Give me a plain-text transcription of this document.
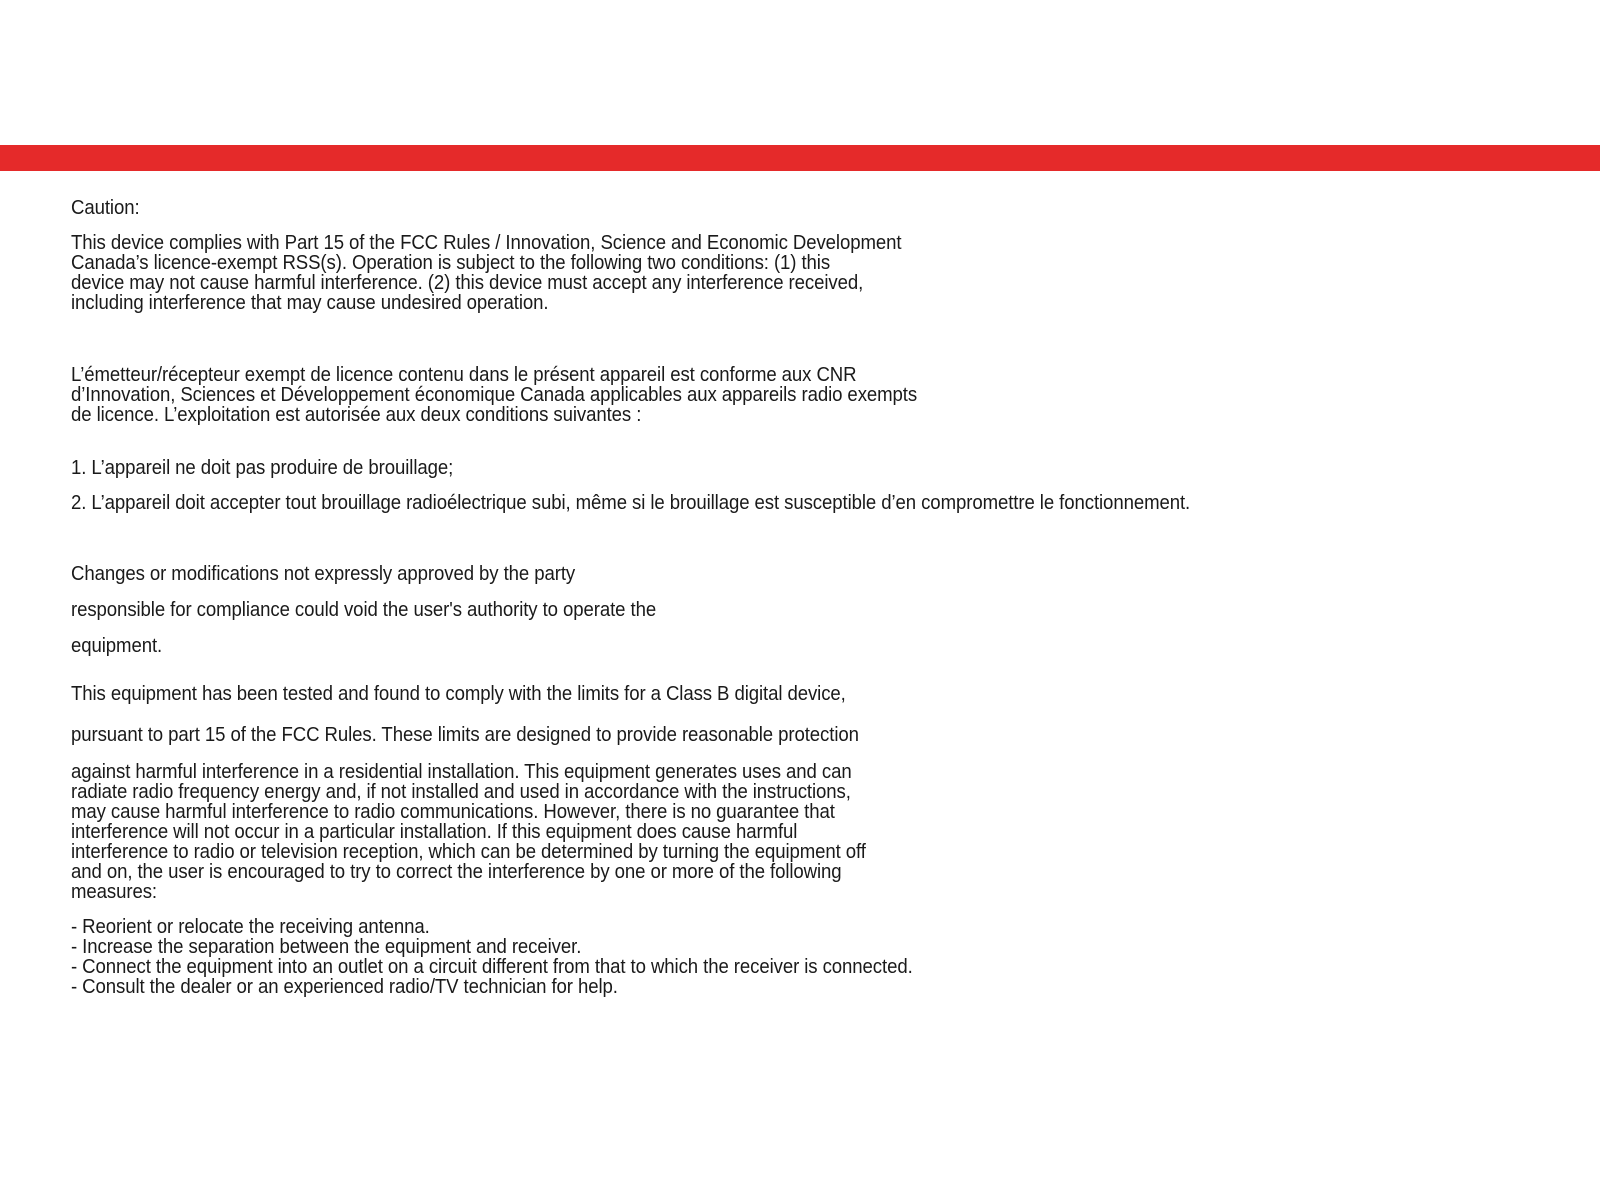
Caution:
This device complies with Part 15 of the FCC Rules / Innovation, Science and Economic Development
Canada’s licence-exempt RSS(s). Operation is subject to the following two conditions: (1) this
device may not cause harmful interference. (2) this device must accept any interference received,
including interference that may cause undesired operation.
L’émetteur/récepteur exempt de licence contenu dans le présent appareil est conforme aux CNR
d’Innovation, Sciences et Développement économique Canada applicables aux appareils radio exempts
de licence. L’exploitation est autorisée aux deux conditions suivantes :
1. L’appareil ne doit pas produire de brouillage;
2. L’appareil doit accepter tout brouillage radioélectrique subi, même si le brouillage est susceptible d’en compromettre le fonctionnement.
Changes or modifications not expressly approved by the party
responsible for compliance could void the user's authority to operate the
equipment.
This equipment has been tested and found to comply with the limits for a Class B digital device,
pursuant to part 15 of the FCC Rules. These limits are designed to provide reasonable protection
against harmful interference in a residential installation. This equipment generates uses and can
radiate radio frequency energy and, if not installed and used in accordance with the instructions,
may cause harmful interference to radio communications. However, there is no guarantee that
interference will not occur in a particular installation. If this equipment does cause harmful
interference to radio or television reception, which can be determined by turning the equipment off
and on, the user is encouraged to try to correct the interference by one or more of the following
measures:
- Reorient or relocate the receiving antenna.
- Increase the separation between the equipment and receiver.
- Connect the equipment into an outlet on a circuit different from that to which the receiver is connected.
- Consult the dealer or an experienced radio/TV technician for help.
